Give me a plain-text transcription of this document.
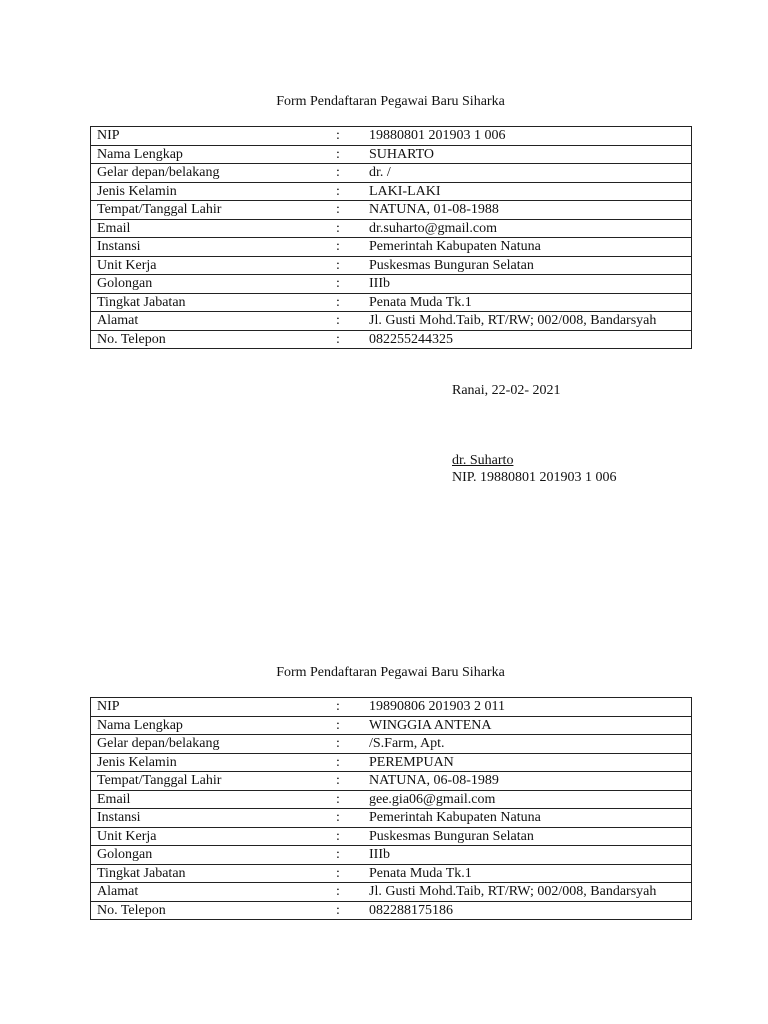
Form Pendaftaran Pegawai Baru Siharka
NIP	:	19880801 201903 1 006
Nama Lengkap	:	SUHARTO
Gelar depan/belakang	:	dr. /
Jenis Kelamin	:	LAKI-LAKI
Tempat/Tanggal Lahir	:	NATUNA, 01-08-1988
Email	:	dr.suharto@gmail.com
Instansi	:	Pemerintah Kabupaten Natuna
Unit Kerja	:	Puskesmas Bunguran Selatan
Golongan	:	IIIb
Tingkat Jabatan	:	Penata Muda Tk.1
Alamat	:	Jl. Gusti Mohd.Taib, RT/RW; 002/008, Bandarsyah
No. Telepon	:	082255244325
Ranai, 22-02- 2021
dr. Suharto
NIP. 19880801 201903 1 006
Form Pendaftaran Pegawai Baru Siharka
NIP	:	19890806 201903 2 011
Nama Lengkap	:	WINGGIA ANTENA
Gelar depan/belakang	:	/S.Farm, Apt.
Jenis Kelamin	:	PEREMPUAN
Tempat/Tanggal Lahir	:	NATUNA, 06-08-1989
Email	:	gee.gia06@gmail.com
Instansi	:	Pemerintah Kabupaten Natuna
Unit Kerja	:	Puskesmas Bunguran Selatan
Golongan	:	IIIb
Tingkat Jabatan	:	Penata Muda Tk.1
Alamat	:	Jl. Gusti Mohd.Taib, RT/RW; 002/008, Bandarsyah
No. Telepon	:	082288175186
